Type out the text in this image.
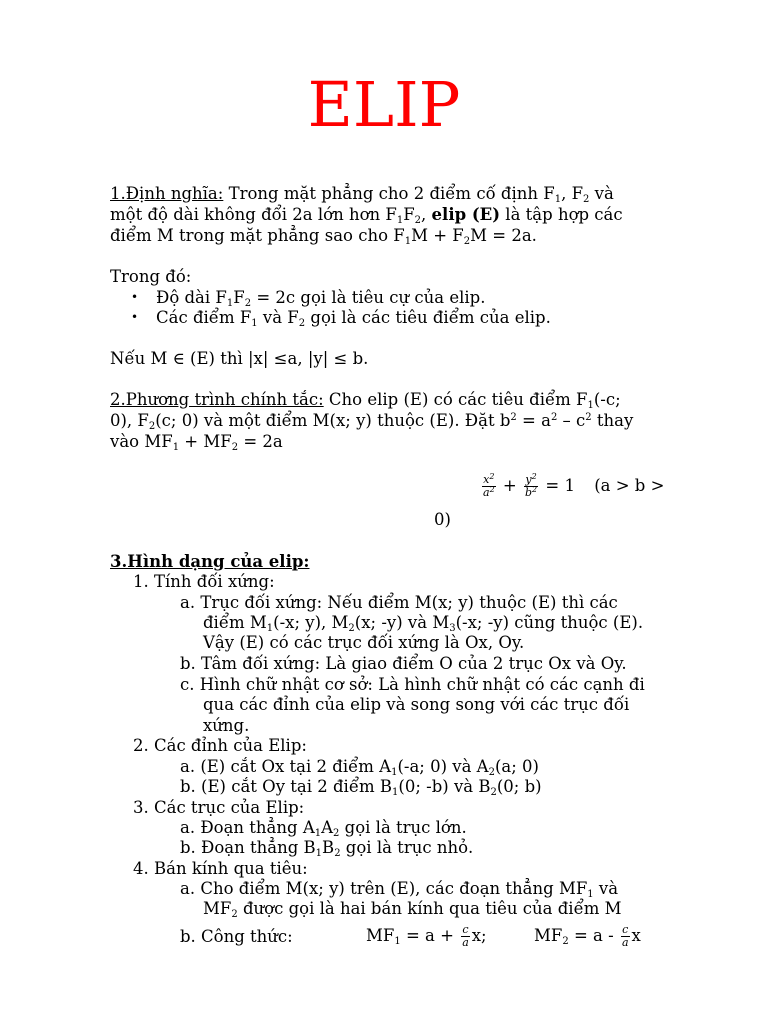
ELIP
1.Định nghĩa: Trong mặt phẳng cho 2 điểm cố định $F_1$, $F_2$ và
một độ dài không đổi 2a lớn hơn $F_1F_2$, elip (E) là tập hợp các
điểm M trong mặt phẳng sao cho $F_1M + F_2M = 2a$.
Trong đó:
• Độ dài $F_1F_2 = 2c$ gọi là tiêu cự của elip.
• Các điểm $F_1$ và $F_2$ gọi là các tiêu điểm của elip.
Nếu M ∈ (E) thì |x| ≤a, |y| ≤ b.
2.Phương trình chính tắc: Cho elip (E) có các tiêu điểm $F_1(-c$;
0), $F_2(c$; 0) và một điểm M(x; y) thuộc (E). Đặt $b^2 = a^2 - c^2$ thay
vào $MF_1 + MF_2 = 2a$
$\frac{x^2}{a^2} + \frac{y^2}{b^2} = 1$ (a > b >
0)
3.Hình dạng của elip:
1. Tính đối xứng:
a. Trục đối xứng: Nếu điểm M(x; y) thuộc (E) thì các
điểm $M_1(-x$; y), $M_2(x$; -y) và $M_3(-x$; -y) cũng thuộc (E).
Vậy (E) có các trục đối xứng là Ox, Oy.
b. Tâm đối xứng: Là giao điểm O của 2 trục Ox và Oy.
c. Hình chữ nhật cơ sở: Là hình chữ nhật có các cạnh đi
qua các đỉnh của elip và song song với các trục đối
xứng.
2. Các đỉnh của Elip:
a. (E) cắt Ox tại 2 điểm $A_1(-a$; 0) và $A_2(a$; 0)
b. (E) cắt Oy tại 2 điểm $B_1(0$; -b) và $B_2(0$; b)
3. Các trục của Elip:
a. Đoạn thẳng $A_1A_2$ gọi là trục lớn.
b. Đoạn thẳng $B_1B_2$ gọi là trục nhỏ.
4. Bán kính qua tiêu:
a. Cho điểm M(x; y) trên (E), các đoạn thẳng $MF_1$ và
$MF_2$ được gọi là hai bán kính qua tiêu của điểm M
b. Công thức:	$MF_1 = a + \frac{c}{a} x$;	$MF_2 = a - \frac{c}{a}$ x
